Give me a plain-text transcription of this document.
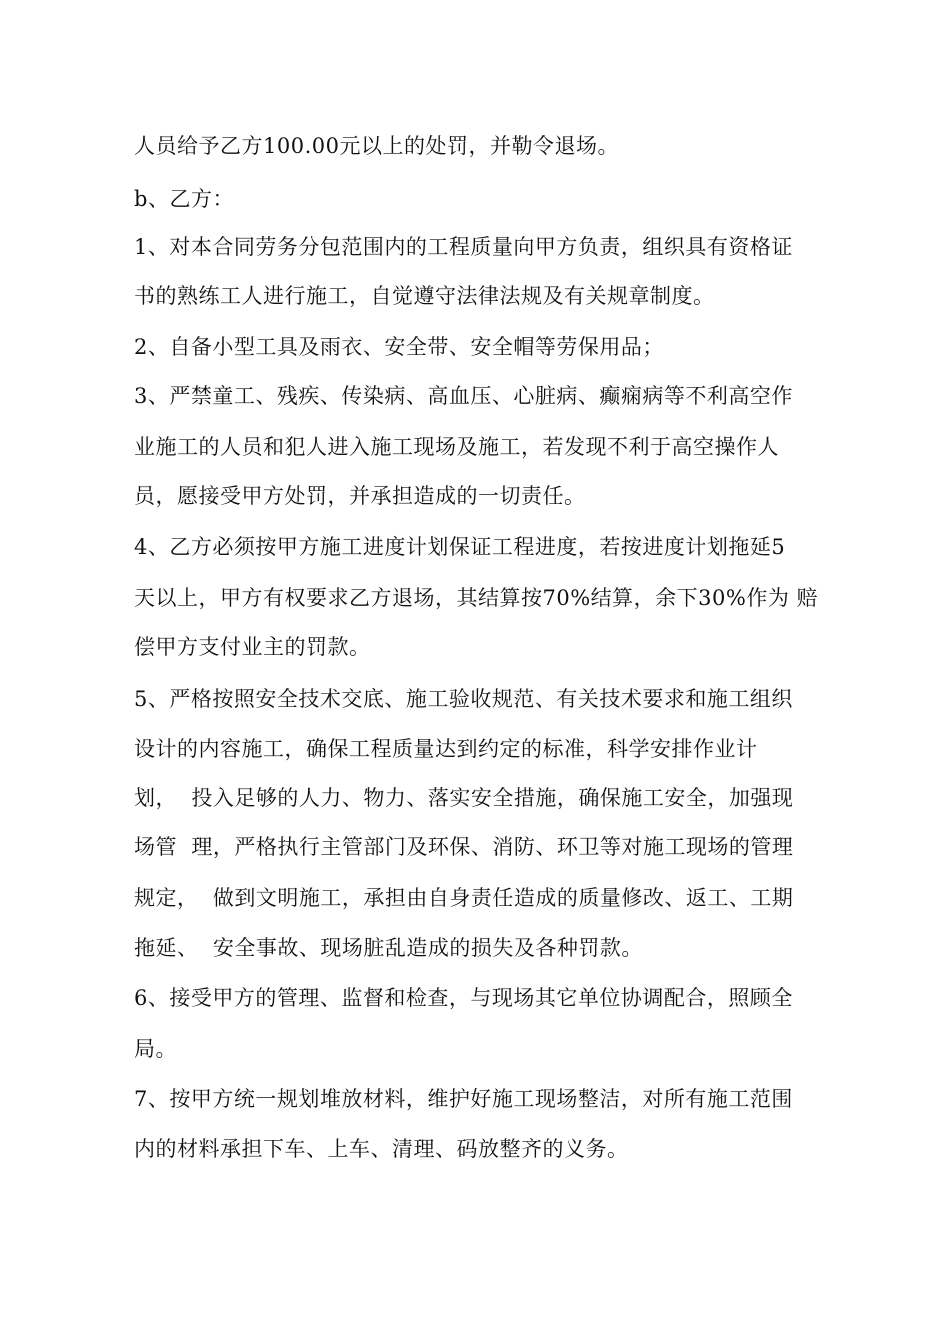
人员给予乙方100.00元以上的处罚，并勒令退场。
b、乙方：
1、对本合同劳务分包范围内的工程质量向甲方负责，组织具有资格证
书的熟练工人进行施工，自觉遵守法律法规及有关规章制度。
2、自备小型工具及雨衣、安全带、安全帽等劳保用品；
3、严禁童工、残疾、传染病、高血压、心脏病、癫痫病等不利高空作
业施工的人员和犯人进入施工现场及施工，若发现不利于高空操作人
员，愿接受甲方处罚，并承担造成的一切责任。
4、乙方必须按甲方施工进度计划保证工程进度，若按进度计划拖延5
天以上，甲方有权要求乙方退场，其结算按70%结算，余下30%作为 赔
偿甲方支付业主的罚款。
5、严格按照安全技术交底、施工验收规范、有关技术要求和施工组织
设计的内容施工，确保工程质量达到约定的标准，科学安排作业计
划，  投入足够的人力、物力、落实安全措施，确保施工安全，加强现
场管  理，严格执行主管部门及环保、消防、环卫等对施工现场的管理
规定，  做到文明施工，承担由自身责任造成的质量修改、返工、工期
拖延、  安全事故、现场脏乱造成的损失及各种罚款。
6、接受甲方的管理、监督和检查，与现场其它单位协调配合，照顾全
局。
7、按甲方统一规划堆放材料，维护好施工现场整洁，对所有施工范围
内的材料承担下车、上车、清理、码放整齐的义务。
